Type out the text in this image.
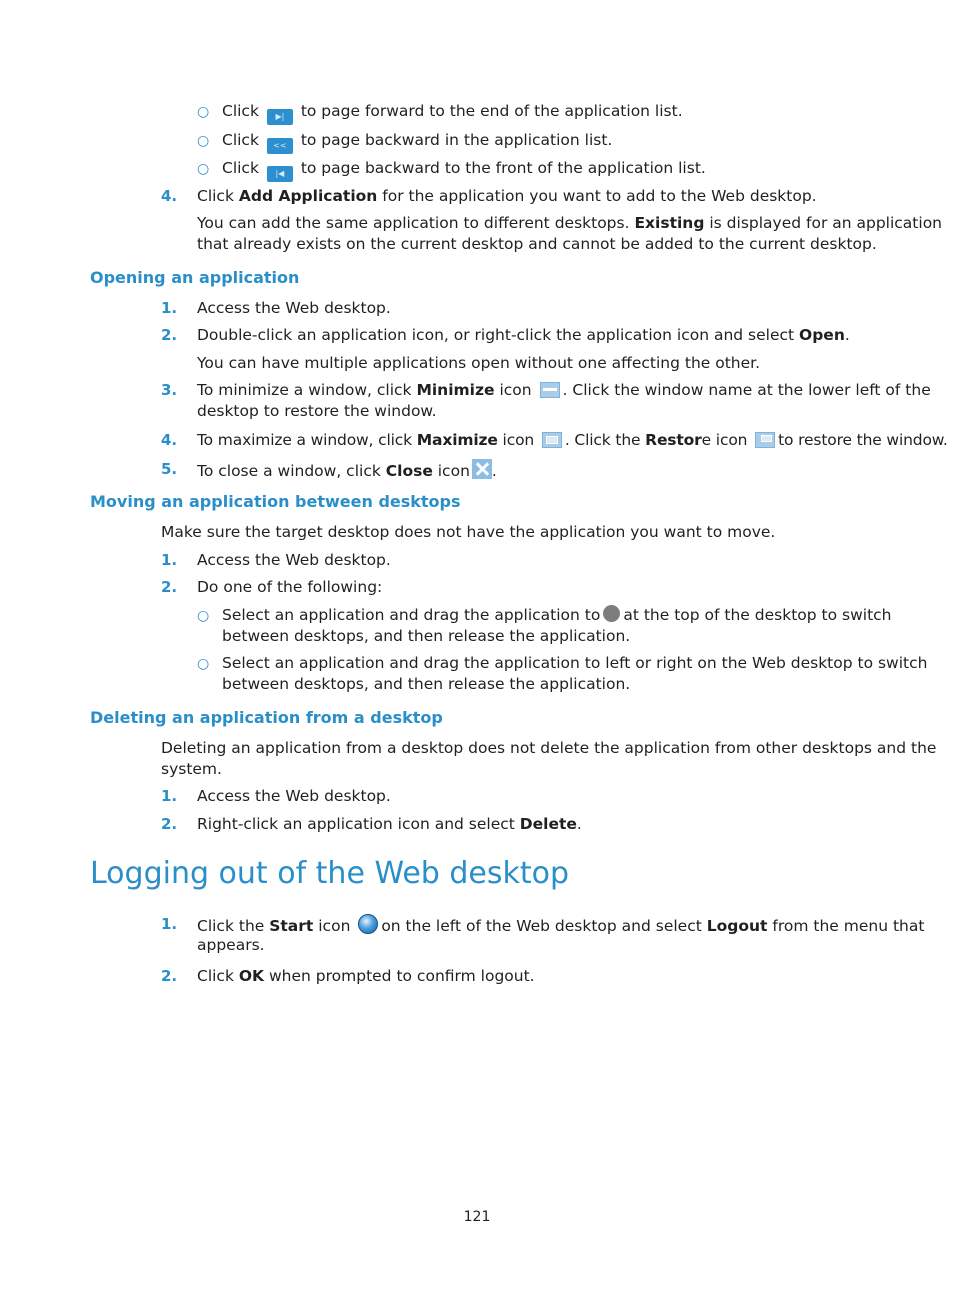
○ Click ▶| to page forward to the end of the application list.
○ Click << to page backward in the application list.
○ Click |◀ to page backward to the front of the application list.
4. Click Add Application for the application you want to add to the Web desktop.
You can add the same application to different desktops. Existing is displayed for an application
that already exists on the current desktop and cannot be added to the current desktop.
Opening an application
1. Access the Web desktop.
2. Double-click an application icon, or right-click the application icon and select Open.
You can have multiple applications open without one affecting the other.
3. To minimize a window, click Minimize icon . Click the window name at the lower left of the
desktop to restore the window.
4. To maximize a window, click Maximize icon . Click the Restore icon to restore the window.
5. To close a window, click Close icon .
Moving an application between desktops
Make sure the target desktop does not have the application you want to move.
1. Access the Web desktop.
2. Do one of the following:
○ Select an application and drag the application to at the top of the desktop to switch
between desktops, and then release the application.
○ Select an application and drag the application to left or right on the Web desktop to switch
between desktops, and then release the application.
Deleting an application from a desktop
Deleting an application from a desktop does not delete the application from other desktops and the
system.
1. Access the Web desktop.
2. Right-click an application icon and select Delete.
Logging out of the Web desktop
1. Click the Start icon on the left of the Web desktop and select Logout from the menu that
appears.
2. Click OK when prompted to confirm logout.
121
